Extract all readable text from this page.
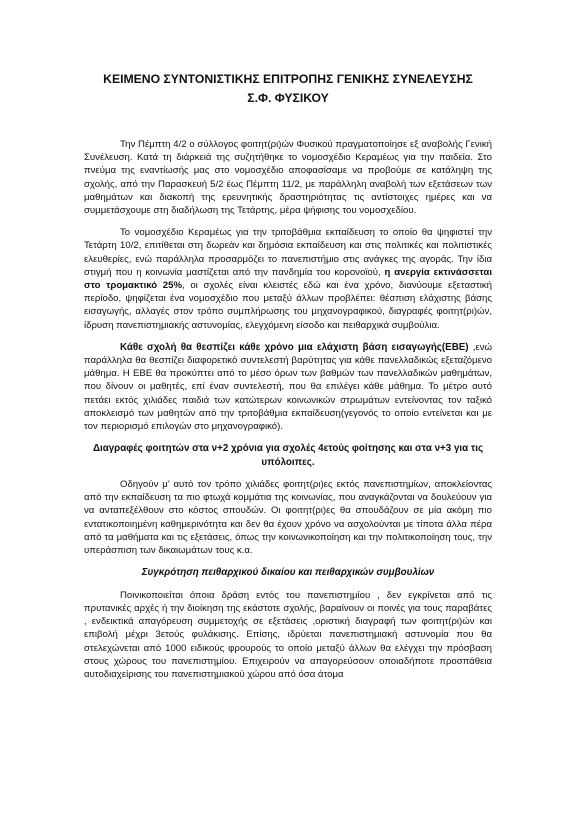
ΚΕΙΜΕΝΟ ΣΥΝΤΟΝΙΣΤΙΚΗΣ ΕΠΙΤΡΟΠΗΣ ΓΕΝΙΚΗΣ ΣΥΝΕΛΕΥΣΗΣ

Σ.Φ. ΦΥΣΙΚΟΥ

Την Πέμπτη 4/2 ο σύλλογος φοιτητ(ρι)ών Φυσικού πραγματοποίησε εξ αναβολής Γενική Συνέλευση. Κατά τη διάρκειά της συζητήθηκε το νομοσχέδιο Κεραμέως για την παιδεία. Στο πνεύμα της εναντίωσής μας στο νομοσχέδιο αποφασίσαμε να προβούμε σε κατάληψη της σχολής, από την Παρασκευή 5/2 έως Πέμπτη 11/2, με παράλληλη αναβολή των εξετάσεων των μαθημάτων και διακοπή της ερευνητικής δραστηριότητας τις αντίστοιχες ημέρες και να συμμετάσχουμε στη διαδήλωση της Τετάρτης, μέρα ψήφισης του νομοσχεδίου.

Το νομοσχέδιο Κεραμέως για την τριτοβάθμια εκπαίδευση το οποίο θα ψηφιστεί την Τετάρτη 10/2, επιτίθεται στη δωρεάν και δημόσια εκπαίδευση και στις πολιτικές και πολιτιστικές ελευθερίες, ενώ παράλληλα προσαρμόζει το πανεπιστήμιο στις ανάγκες της αγοράς. Την ίδια στιγμή που η κοινωνία μαστίζεται από την πανδημία του κορονοϊού, η ανεργία εκτινάσσεται στο τρομακτικό 25%, οι σχολές είναι κλειστές εδώ και ένα χρόνο, διανύουμε εξεταστική περίοδο, ψηφίζεται ένα νομοσχέδιο που μεταξύ άλλων προβλέπει: θέσπιση ελάχιστης βάσης εισαγωγής, αλλαγές στον τρόπο συμπλήρωσης του μηχανογραφικού, διαγραφές φοιτητ(ρι)ών, ίδρυση πανεπιστημιακής αστυνομίας, ελεγχόμενη είσοδο και πειθαρχικά συμβούλια.

Κάθε σχολή θα θεσπίζει κάθε χρόνο μια ελάχιστη βάση εισαγωγής(ΕΒΕ) ,ενώ παράλληλα θα θεσπίζει διαφορετικό συντελεστή βαρύτητας για κάθε πανελλαδικώς εξεταζόμενο μάθημα. Η ΕΒΕ θα προκύπτει από το μέσο όρων των βαθμών των πανελλαδικών μαθημάτων, που δίνουν οι μαθητές, επί έναν συντελεστή, που θα επιλέγει κάθε μάθημα. Το μέτρο αυτό πετάει εκτός χιλιάδες παιδιά των κατώτερων κοινωνικών στρωμάτων εντείνοντας τον ταξικό αποκλεισμό των μαθητών από την τριτοβάθμια εκπαίδευση(γεγονός το οποίο εντείνεται και με τον περιορισμό επιλογών στο μηχανογραφικό).

Διαγραφές φοιτητών στα ν+2 χρόνια για σχολές 4ετούς φοίτησης και στα ν+3 για τις υπόλοιπες.

Οδηγούν μ’ αυτό τον τρόπο χιλιάδες φοιτητ(ρι)ες εκτός πανεπιστημίων, αποκλείοντας από την εκπαίδευση τα πιο φτωχά κομμάτια της κοινωνίας, που αναγκάζονται να δουλεύουν για να ανταπεξέλθουν στο κόστος σπουδών. Οι φοιτητ(ρι)ες θα σπουδάζουν σε μία ακόμη πιο εντατικοποιημένη καθημερινότητα και δεν θα έχουν χρόνο να ασχολούνται με τίποτα άλλα πέρα από τα μαθήματα και τις εξετάσεις, όπως την κοινωνικοποίηση και την πολιτικοποίηση τους, την υπεράσπιση των δικαιωμάτων τους κ.α.

Συγκρότηση πειθαρχικού δικαίου και πειθαρχικών συμβουλίων

Ποινικοποιείται όποια δράση εντός του πανεπιστημίου , δεν εγκρίνεται από τις πρυτανικές αρχές ή την διοίκηση της εκάστοτε σχολής, βαραίνουν οι ποινές για τους παραβάτες , ενδεικτικά απαγόρευση συμμετοχής σε εξετάσεις ,οριστική διαγραφή των φοιτητ(ρι)ών και επιβολή μέχρι 3ετούς φυλάκισης. Επίσης, ιδρύεται πανεπιστημιακή αστυνομία που θα στελεχώνεται από 1000 ειδικούς φρουρούς το οποίο μεταξύ άλλων θα ελέγχει την πρόσβαση στους χώρους του πανεπιστημίου. Επιχειρούν να απαγορεύσουν οποιαδήποτε προσπάθεια αυτοδιαχείρισης του πανεπιστημιακού χώρου από όσα άτομα
